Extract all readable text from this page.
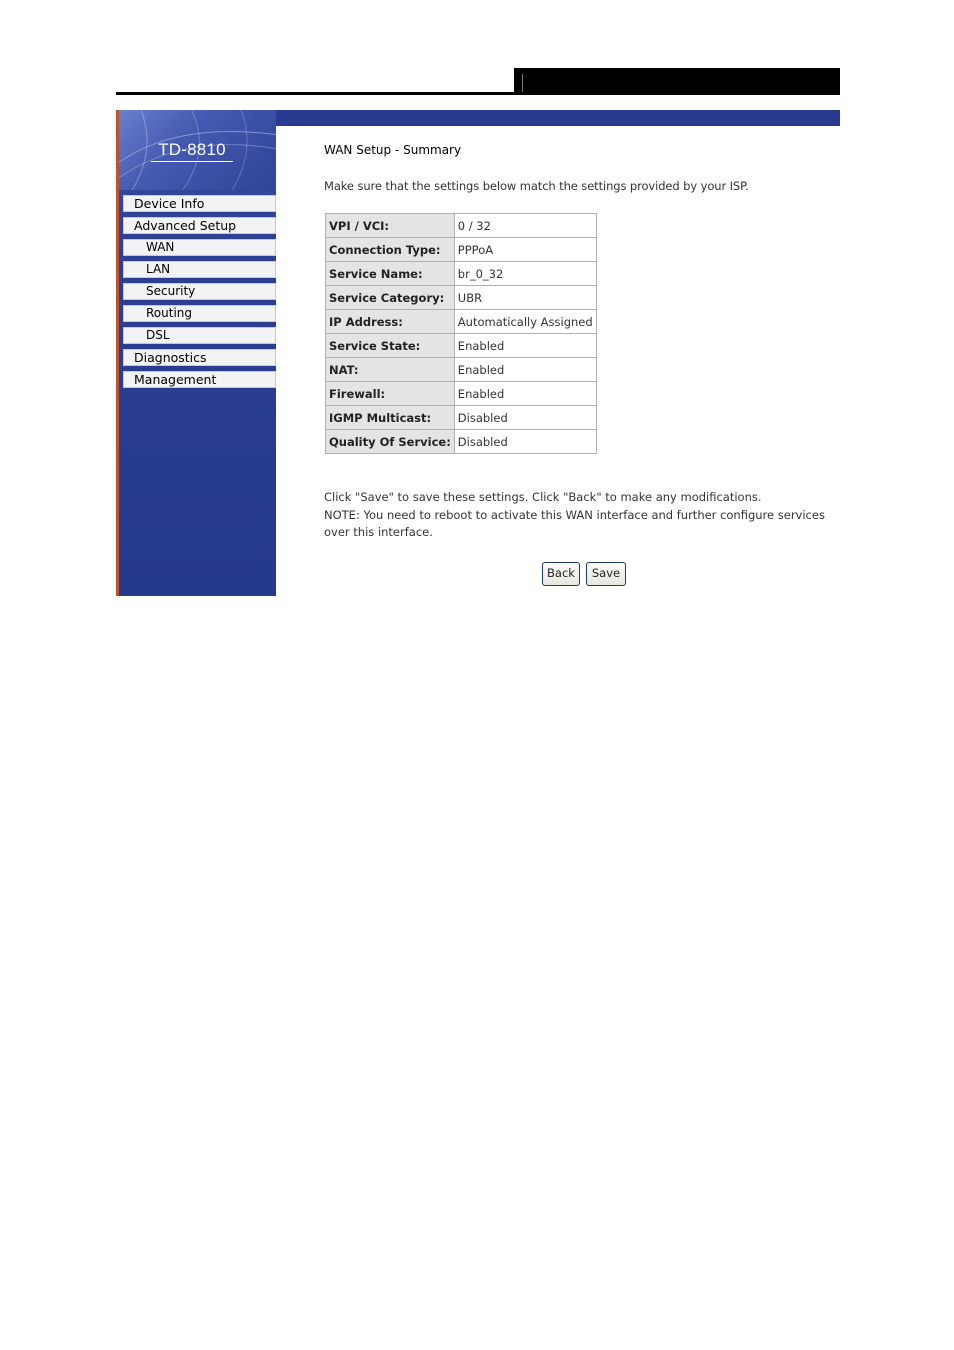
TD-8810
Device Info
Advanced Setup
WAN
LAN
Security
Routing
DSL
Diagnostics
Management
WAN Setup - Summary
Make sure that the settings below match the settings provided by your ISP.
VPI / VCI:	0 / 32
Connection Type:	PPPoA
Service Name:	br_0_32
Service Category:	UBR
IP Address:	Automatically Assigned
Service State:	Enabled
NAT:	Enabled
Firewall:	Enabled
IGMP Multicast:	Disabled
Quality Of Service:	Disabled
Click "Save" to save these settings. Click "Back" to make any modifications.
NOTE: You need to reboot to activate this WAN interface and further configure services
over this interface.
Back	Save
